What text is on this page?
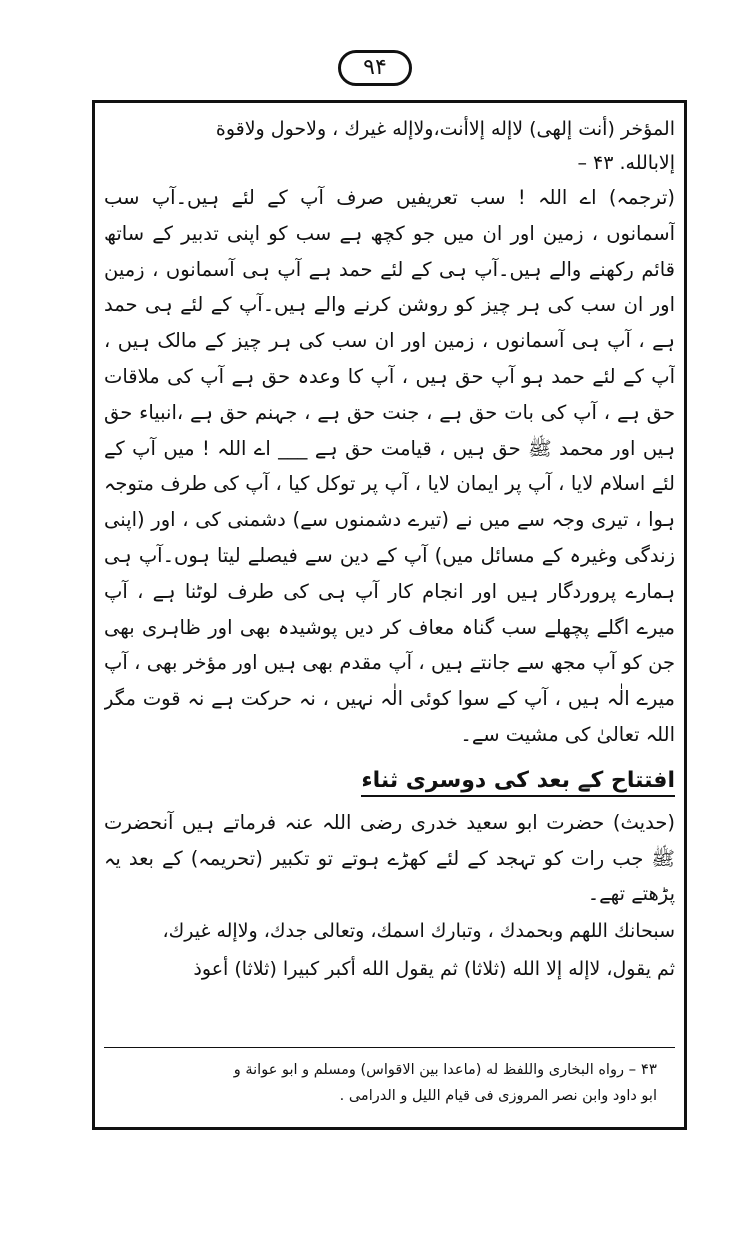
۹۴

المؤخر (أنت إلهى) لاإله إلاأنت،ولاإله غيرك ، ولاحول ولاقوة

إلابالله. ۴۳ –

(ترجمہ) اے اللہ ! سب تعریفیں صرف آپ کے لئے ہیں۔آپ سب آسمانوں ، زمین اور ان میں جو کچھ ہے سب کو اپنی تدبیر کے ساتھ قائم رکھنے والے ہیں۔آپ ہی کے لئے حمد ہے آپ ہی آسمانوں ، زمین اور ان سب کی ہر چیز کو روشن کرنے والے ہیں۔آپ کے لئے ہی حمد ہے ، آپ ہی آسمانوں ، زمین اور ان سب کی ہر چیز کے مالک ہیں ، آپ کے لئے حمد ہو آپ حق ہیں ، آپ کا وعدہ حق ہے آپ کی ملاقات حق ہے ، آپ کی بات حق ہے ، جنت حق ہے ، جہنم حق ہے ،انبیاء حق ہیں اور محمد ﷺ حق ہیں ، قیامت حق ہے ___ اے اللہ ! میں آپ کے لئے اسلام لایا ، آپ پر ایمان لایا ، آپ پر توکل کیا ، آپ کی طرف متوجہ ہوا ، تیری وجہ سے میں نے (تیرے دشمنوں سے) دشمنی کی ، اور (اپنی زندگی وغیرہ کے مسائل میں) آپ کے دین سے فیصلے لیتا ہوں۔آپ ہی ہمارے پروردگار ہیں اور انجام کار آپ ہی کی طرف لوٹنا ہے ، آپ میرے اگلے پچھلے سب گناہ معاف کر دیں پوشیدہ بھی اور ظاہری بھی جن کو آپ مجھ سے جانتے ہیں ، آپ مقدم بھی ہیں اور مؤخر بھی ، آپ میرے الٰہ ہیں ، آپ کے سوا کوئی الٰہ نہیں ، نہ حرکت ہے نہ قوت مگر اللہ تعالیٰ کی مشیت سے۔

افتتاح کے بعد کی دوسری ثناء

(حدیث) حضرت ابو سعید خدری رضی اللہ عنہ فرماتے ہیں آنحضرت ﷺ جب رات کو تہجد کے لئے کھڑے ہوتے تو تکبیر (تحریمہ) کے بعد یہ پڑھتے تھے۔

سبحانك اللهم وبحمدك ، وتبارك اسمك، وتعالى جدك، ولاإله غيرك،

ثم يقول، لاإله إلا الله (ثلاثا) ثم يقول الله أكبر كبيرا (ثلاثا) أعوذ

۴۳ – رواه البخارى واللفظ له (ماعدا بين الاقواس) ومسلم و ابو عوانة و
ابو داود وابن نصر المروزى فى قيام الليل و الدرامى .
